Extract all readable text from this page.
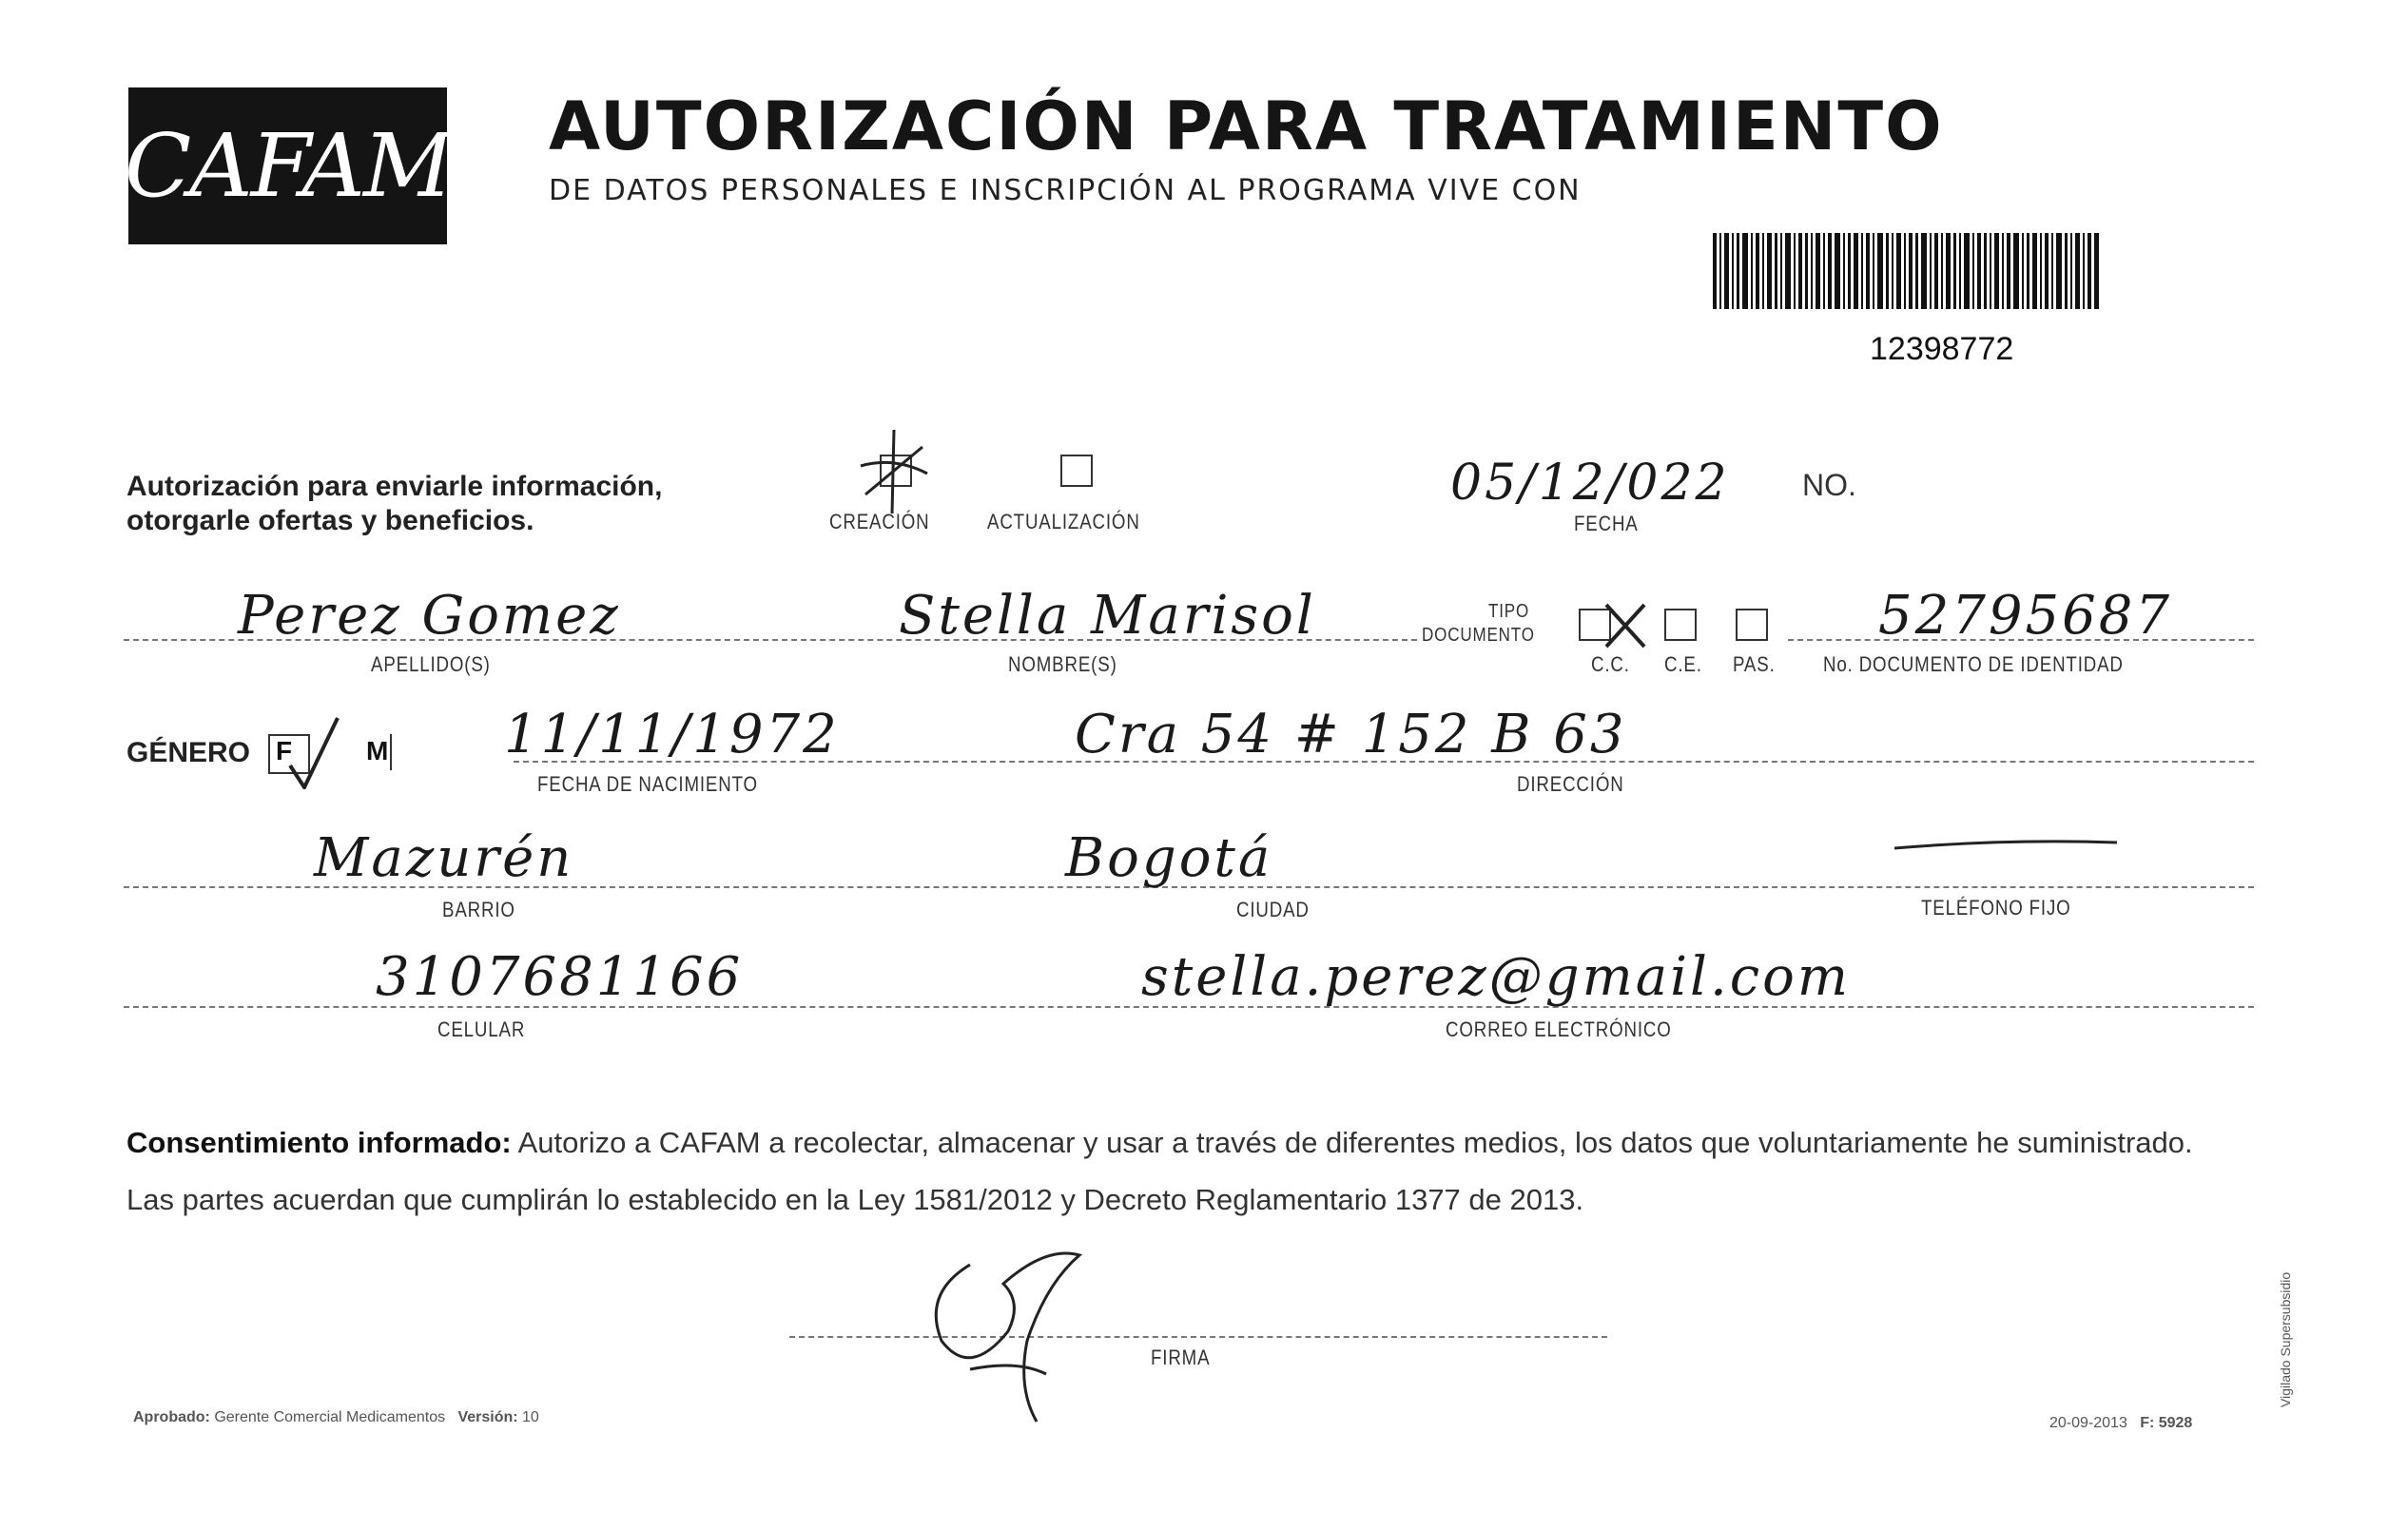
CAFAM AUTORIZACIÓN PARA TRATAMIENTO
DE DATOS PERSONALES E INSCRIPCIÓN AL PROGRAMA VIVE CON
12398772
Autorización para enviarle información,
otorgarle ofertas y beneficios.	CREACIÓN	ACTUALIZACIÓN
05/12/022
FECHA
NO.
Perez Gomez
APELLIDO(S)
Stella Marisol
NOMBRE(S)
TIPO
DOCUMENTO
C.C. C.E. PAS.
52795687
No. DOCUMENTO DE IDENTIDAD
GÉNERO F	M 11/11/1972
FECHA DE NACIMIENTO
Cra 54 # 152 B 63
DIRECCIÓN
Mazurén
BARRIO
Bogotá
CIUDAD	TELÉFONO FIJO
3107681166
CELULAR
stella.perez@gmail.com
CORREO ELECTRÓNICO
Consentimiento informado: Autorizo a CAFAM a recolectar, almacenar y usar a través de diferentes medios, los datos que voluntariamente he suministrado.
Las partes acuerdan que cumplirán lo establecido en la Ley 1581/2012 y Decreto Reglamentario 1377 de 2013.
FIRMA
Aprobado: Gerente Comercial Medicamentos Versión: 10	20-09-2013 F: 5928
Vigilado Supersubsidio
